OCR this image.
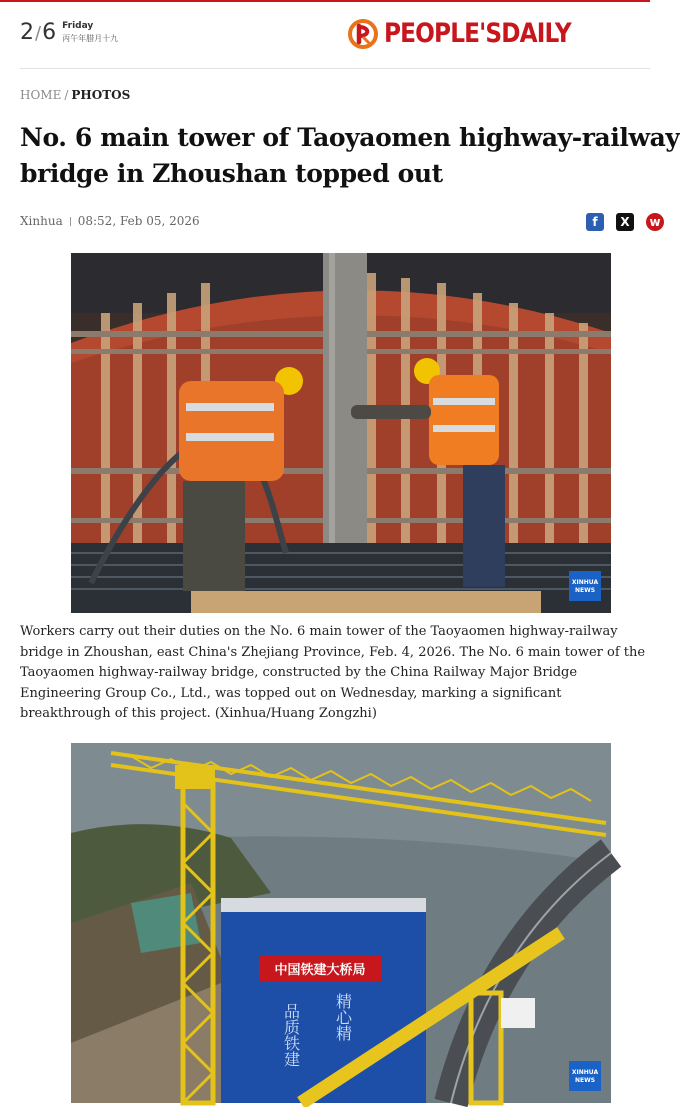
2/6 Friday
丙午年腊月十九	PEOPLE'SDAILY
HOME / PHOTOS
No. 6 main tower of Taoyaomen highway-railway bridge in Zhoushan topped out
Xinhua 08:52, Feb 05, 2026	f	X	w
XINHUA NEWS

Workers carry out their duties on the No. 6 main tower of the Taoyaomen highway-railway bridge in Zhoushan, east China's Zhejiang Province, Feb. 4, 2026. The No. 6 main tower of the Taoyaomen highway-railway bridge, constructed by the China Railway Major Bridge Engineering Group Co., Ltd., was topped out on Wednesday, marking a significant breakthrough of this project. (Xinhua/Huang Zongzhi)

中国铁建大桥局
品质铁建 精心精
XINHUA NEWS
